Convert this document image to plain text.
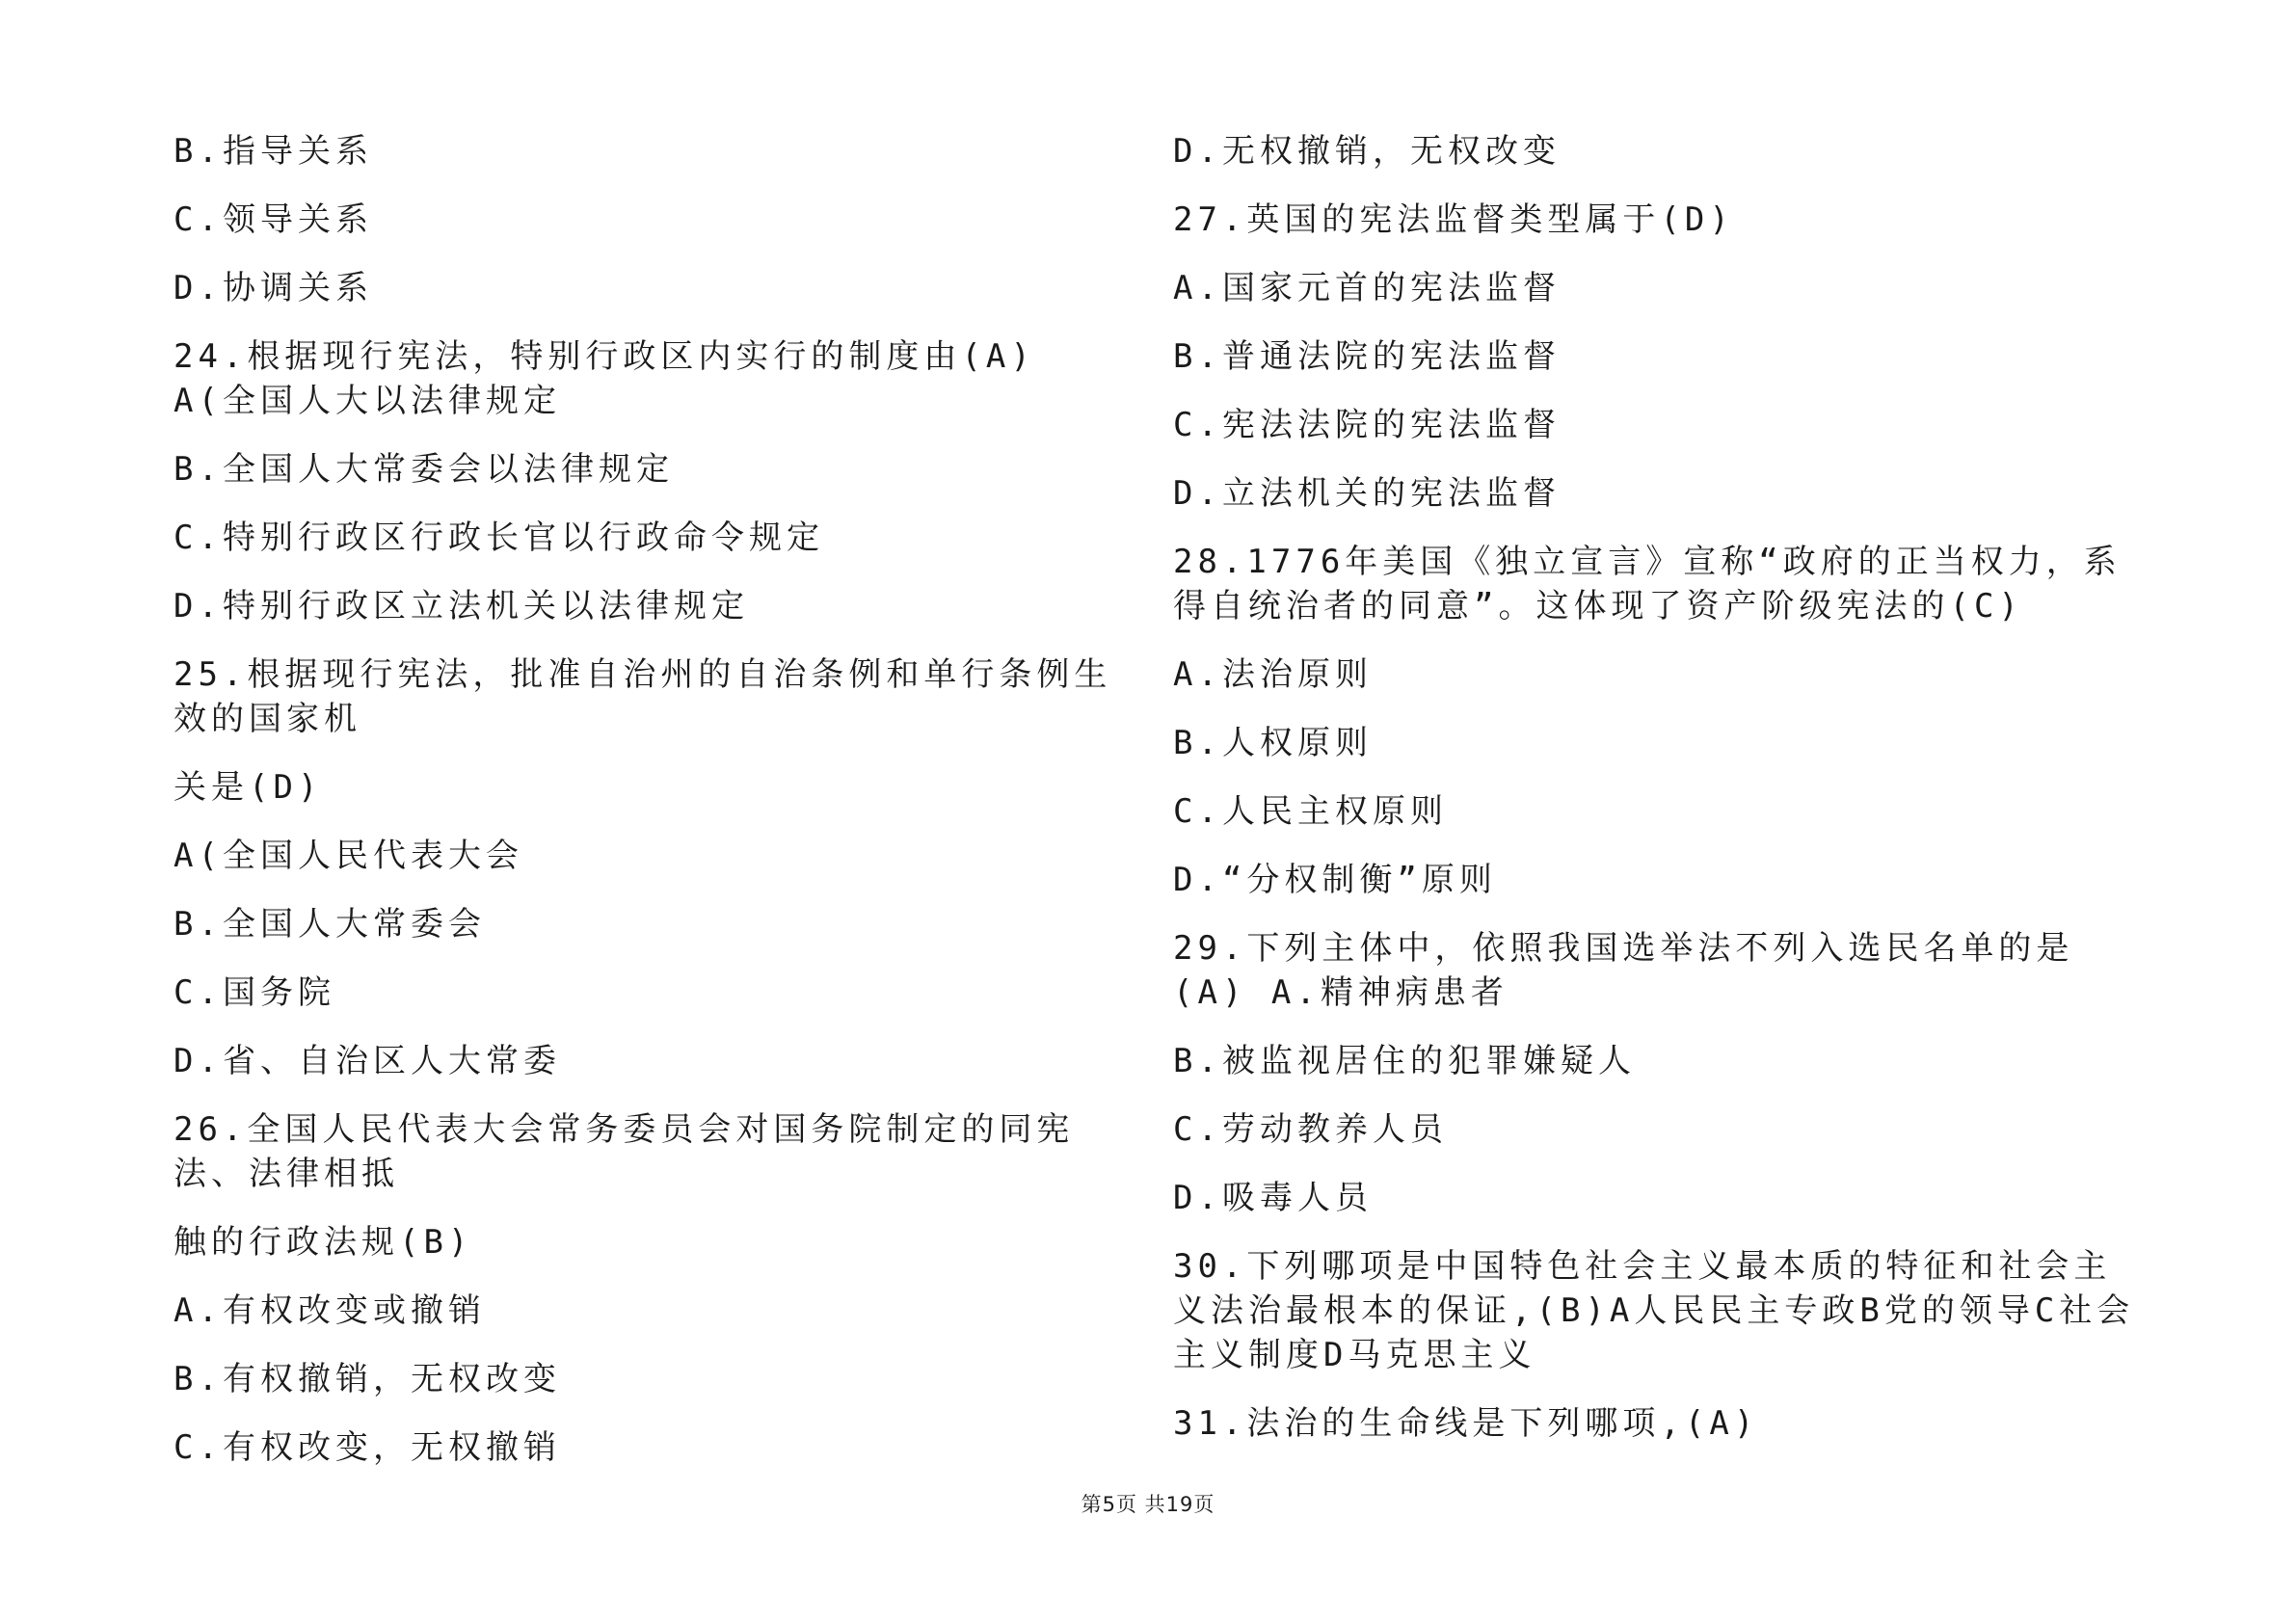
B.指导关系
C.领导关系
D.协调关系
24.根据现行宪法，特别行政区内实行的制度由(A) A(全国人大以法律规定
B.全国人大常委会以法律规定
C.特别行政区行政长官以行政命令规定
D.特别行政区立法机关以法律规定
25.根据现行宪法，批准自治州的自治条例和单行条例生效的国家机
关是(D)
A(全国人民代表大会
B.全国人大常委会
C.国务院
D.省、自治区人大常委
26.全国人民代表大会常务委员会对国务院制定的同宪法、法律相抵
触的行政法规(B)
A.有权改变或撤销
B.有权撤销，无权改变
C.有权改变，无权撤销
D.无权撤销，无权改变
27.英国的宪法监督类型属于(D)
A.国家元首的宪法监督
B.普通法院的宪法监督
C.宪法法院的宪法监督
D.立法机关的宪法监督
28.1776年美国《独立宣言》宣称“政府的正当权力，系得自统治者的同意”。这体现了资产阶级宪法的(C)
A.法治原则
B.人权原则
C.人民主权原则
D.“分权制衡”原则
29.下列主体中，依照我国选举法不列入选民名单的是(A) A.精神病患者
B.被监视居住的犯罪嫌疑人
C.劳动教养人员
D.吸毒人员
30.下列哪项是中国特色社会主义最本质的特征和社会主义法治最根本的保证,(B)A人民民主专政B党的领导C社会主义制度D马克思主义
31.法治的生命线是下列哪项,(A)
第5页 共19页
